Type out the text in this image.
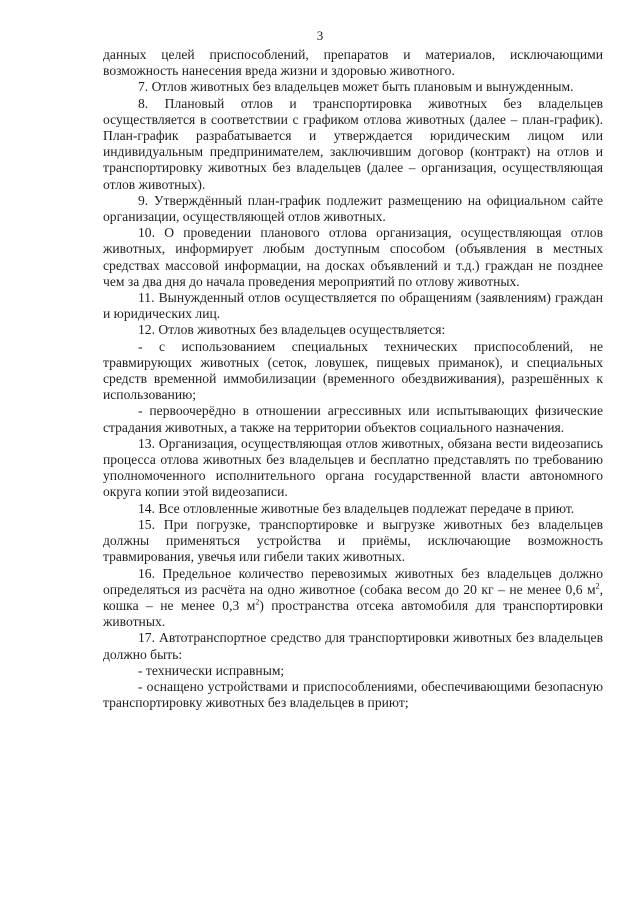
3

данных целей приспособлений, препаратов и материалов, исключающими возможность нанесения вреда жизни и здоровью животного.

7. Отлов животных без владельцев может быть плановым и вынужденным.

8. Плановый отлов и транспортировка животных без владельцев осуществляется в соответствии с графиком отлова животных (далее – план-график). План-график разрабатывается и утверждается юридическим лицом или индивидуальным предпринимателем, заключившим договор (контракт) на отлов и транспортировку животных без владельцев (далее – организация, осуществляющая отлов животных).

9. Утверждённый план-график подлежит размещению на официальном сайте организации, осуществляющей отлов животных.

10. О проведении планового отлова организация, осуществляющая отлов животных, информирует любым доступным способом (объявления в местных средствах массовой информации, на досках объявлений и т.д.) граждан не позднее чем за два дня до начала проведения мероприятий по отлову животных.

11. Вынужденный отлов осуществляется по обращениям (заявлениям) граждан и юридических лиц.

12. Отлов животных без владельцев осуществляется:

- с использованием специальных технических приспособлений, не травмирующих животных (сеток, ловушек, пищевых приманок), и специальных средств временной иммобилизации (временного обездвиживания), разрешённых к использованию;

- первоочерёдно в отношении агрессивных или испытывающих физические страдания животных, а также на территории объектов социального назначения.

13. Организация, осуществляющая отлов животных, обязана вести видеозапись процесса отлова животных без владельцев и бесплатно представлять по требованию уполномоченного исполнительного органа государственной власти автономного округа копии этой видеозаписи.

14. Все отловленные животные без владельцев подлежат передаче в приют.

15. При погрузке, транспортировке и выгрузке животных без владельцев должны применяться устройства и приёмы, исключающие возможность травмирования, увечья или гибели таких животных.

16. Предельное количество перевозимых животных без владельцев должно определяться из расчёта на одно животное (собака весом до 20 кг – не менее 0,6 $м^2$, кошка – не менее 0,3 $м^2$) пространства отсека автомобиля для транспортировки животных.

17. Автотранспортное средство для транспортировки животных без владельцев должно быть:

- технически исправным;

- оснащено устройствами и приспособлениями, обеспечивающими безопасную транспортировку животных без владельцев в приют;
